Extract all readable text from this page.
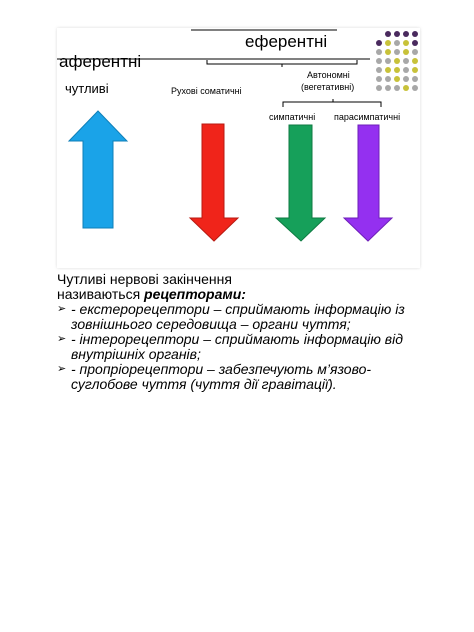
еферентні
аферентні
чутливі	Рухові соматичні
Автономні
(вегетативні)
симпатичні парасимпатичні
Чутливі нервові закінчення
називаються рецепторами:
➢ - екстерорецептори – сприймають інформацію із
зовнішнього середовища – органи чуття;
➢ - інтерорецептори – сприймають інформацію від
внутрішніх органів;
➢ - пропріорецептори – забезпечують м’язово-
суглобове чуття (чуття дії гравітації).
